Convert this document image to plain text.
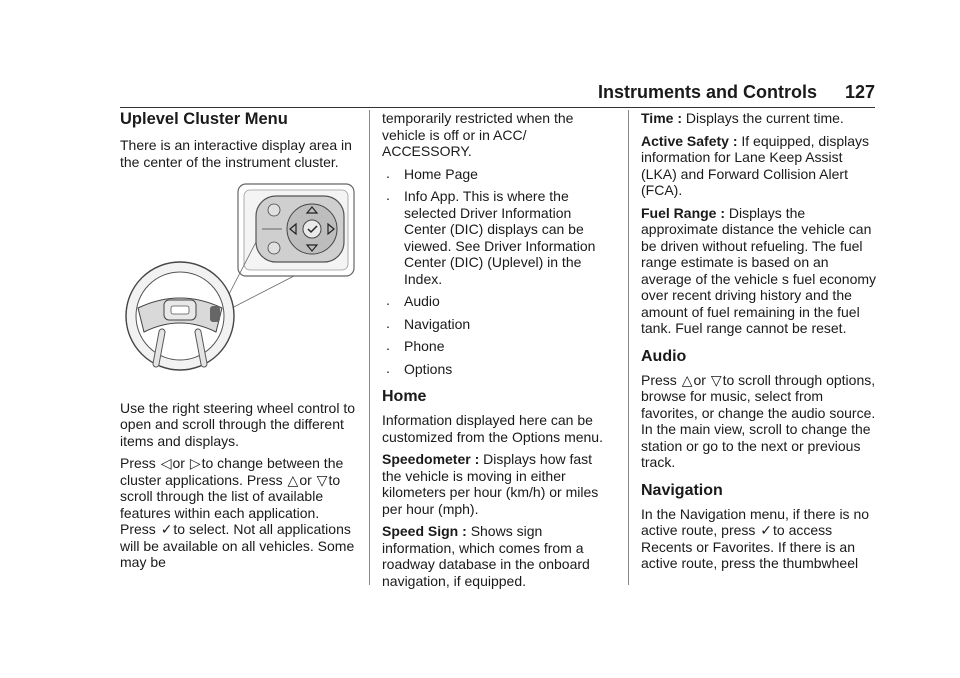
Instruments and Controls 127
Uplevel Cluster Menu

There is an interactive display area in the center of the instrument cluster.

Use the right steering wheel control to open and scroll through the different items and displays.

Press ◁or ▷to change between the cluster applications. Press △or ▽to scroll through the list of available features within each application. Press ✓to select. Not all applications will be available on all vehicles. Some may be

temporarily restricted when the vehicle is off or in ACC/ ACCESSORY.

. Home Page
. Info App. This is where the selected Driver Information Center (DIC) displays can be viewed. See Driver Information Center (DIC) (Uplevel) in the Index.
. Audio
. Navigation
. Phone
. Options
Home

Information displayed here can be customized from the Options menu.

Speedometer : Displays how fast the vehicle is moving in either kilometers per hour (km/h) or miles per hour (mph).

Speed Sign : Shows sign information, which comes from a roadway database in the onboard navigation, if equipped.

Time : Displays the current time.

Active Safety : If equipped, displays information for Lane Keep Assist (LKA) and Forward Collision Alert (FCA).

Fuel Range : Displays the approximate distance the vehicle can be driven without refueling. The fuel range estimate is based on an average of the vehicle s fuel economy over recent driving history and the amount of fuel remaining in the fuel tank. Fuel range cannot be reset.

Audio

Press △or ▽to scroll through options, browse for music, select from favorites, or change the audio source. In the main view, scroll to change the station or go to the next or previous track.

Navigation

In the Navigation menu, if there is no active route, press ✓to access Recents or Favorites. If there is an active route, press the thumbwheel
